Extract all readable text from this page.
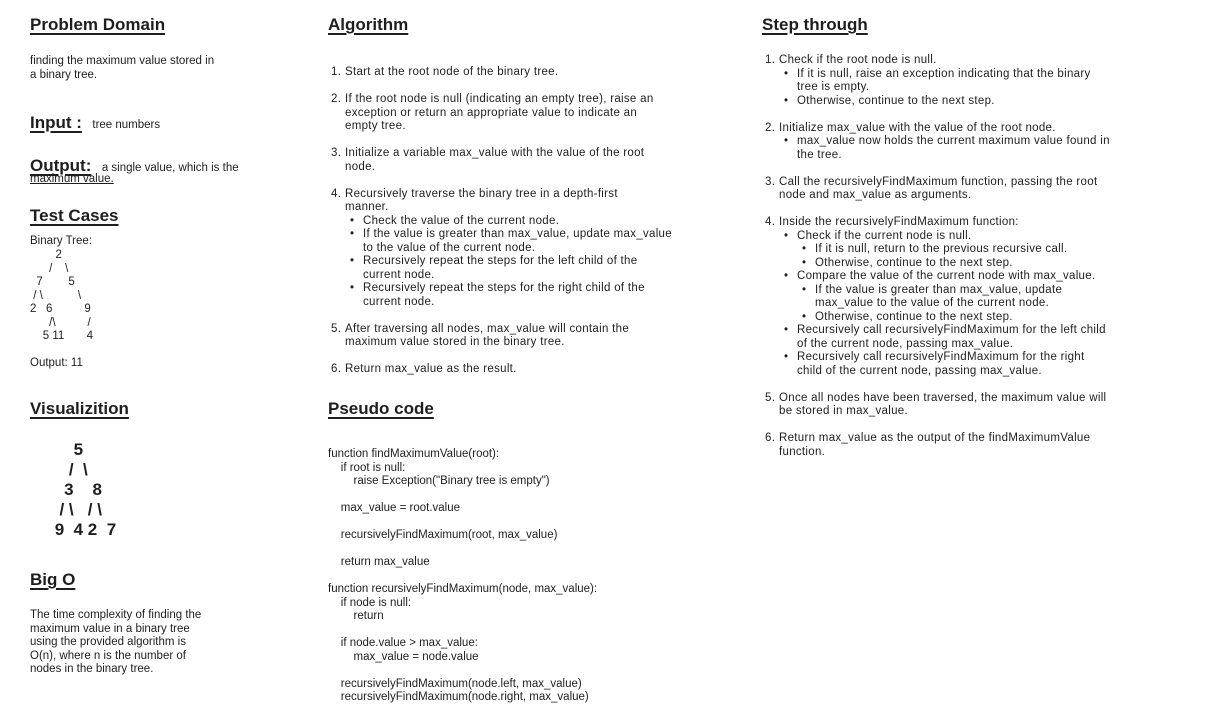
Problem Domain
finding the maximum value stored in
a binary tree.
Input : tree numbers
Output: a single value, which is the
maximum value.
Test Cases
Binary Tree:
2
/    \
7        5
/ \           \
2   6          9
/\          /
5 11       4
Output: 11
Visualizition
5
/  \
3    8
/ \   / \
9  4 2  7
Big O
The time complexity of finding the
maximum value in a binary tree
using the provided algorithm is
O(n), where n is the number of
nodes in the binary tree.
Algorithm
1. Start at the root node of the binary tree.
2. If the root node is null (indicating an empty tree), raise an
exception or return an appropriate value to indicate an
empty tree.
3. Initialize a variable max_value with the value of the root
node.
4. Recursively traverse the binary tree in a depth-first
manner.
• Check the value of the current node.
• If the value is greater than max_value, update max_value
to the value of the current node.
• Recursively repeat the steps for the left child of the
current node.
• Recursively repeat the steps for the right child of the
current node.
5. After traversing all nodes, max_value will contain the
maximum value stored in the binary tree.
6. Return max_value as the result.
Pseudo code
function findMaximumValue(root):
if root is null:
raise Exception("Binary tree is empty")

max_value = root.value

recursivelyFindMaximum(root, max_value)

return max_value

function recursivelyFindMaximum(node, max_value):
if node is null:
return

if node.value > max_value:
max_value = node.value

recursivelyFindMaximum(node.left, max_value)
recursivelyFindMaximum(node.right, max_value)
Step through
1. Check if the root node is null.
• If it is null, raise an exception indicating that the binary
tree is empty.
• Otherwise, continue to the next step.
2. Initialize max_value with the value of the root node.
• max_value now holds the current maximum value found in
the tree.
3. Call the recursivelyFindMaximum function, passing the root
node and max_value as arguments.
4. Inside the recursivelyFindMaximum function:
• Check if the current node is null.
• If it is null, return to the previous recursive call.
• Otherwise, continue to the next step.
• Compare the value of the current node with max_value.
• If the value is greater than max_value, update
max_value to the value of the current node.
• Otherwise, continue to the next step.
• Recursively call recursivelyFindMaximum for the left child
of the current node, passing max_value.
• Recursively call recursivelyFindMaximum for the right
child of the current node, passing max_value.
5. Once all nodes have been traversed, the maximum value will
be stored in max_value.
6. Return max_value as the output of the findMaximumValue
function.
